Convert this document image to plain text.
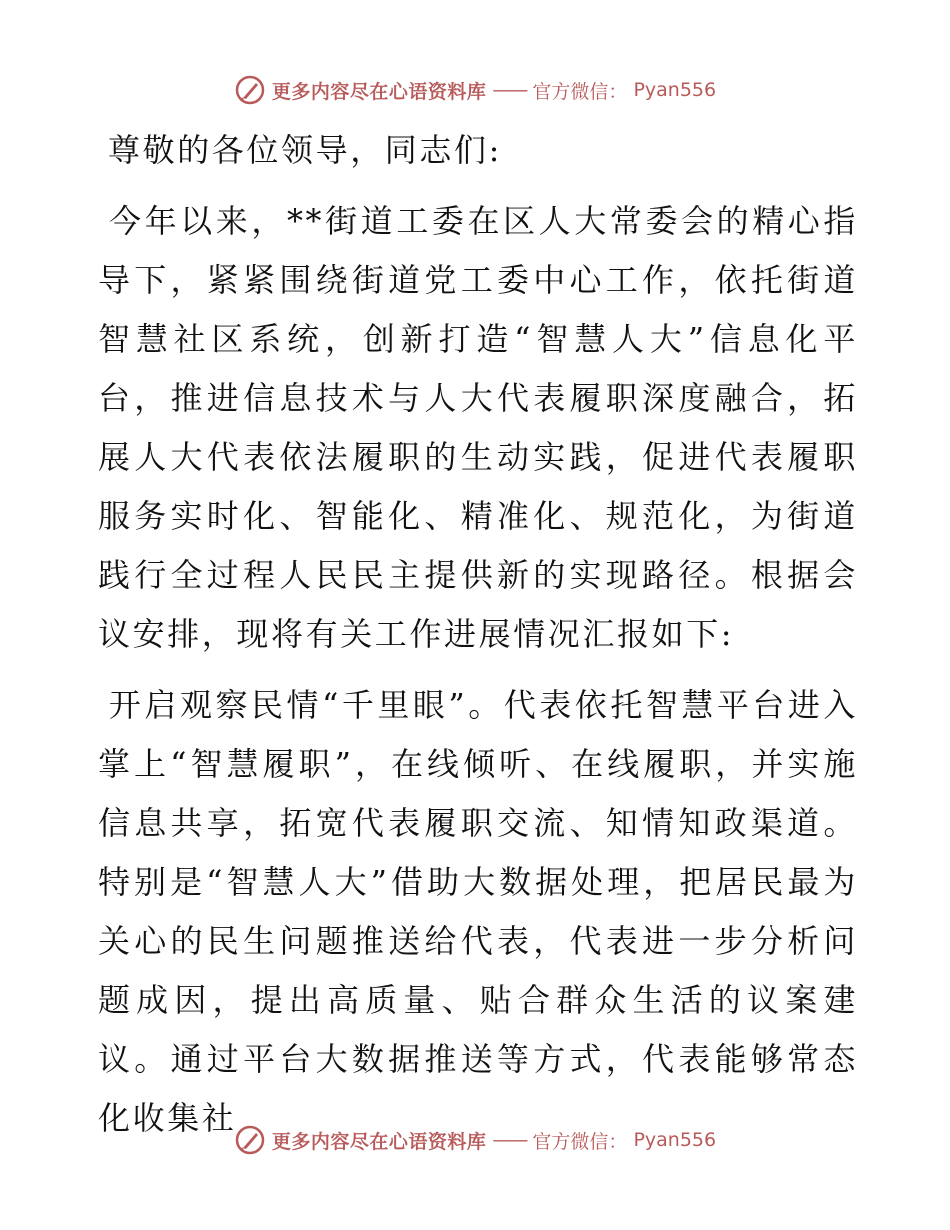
更多内容尽在心语资料库 —— 官方微信： Pyan556

尊敬的各位领导，同志们:

今年以来，**街道工委在区人大常委会的精心指导下，紧紧围绕街道党工委中心工作，依托街道智慧社区系统，创新打造“智慧人大”信息化平台，推进信息技术与人大代表履职深度融合，拓展人大代表依法履职的生动实践，促进代表履职服务实时化、智能化、精准化、规范化，为街道践行全过程人民民主提供新的实现路径。根据会议安排，现将有关工作进展情况汇报如下:

开启观察民情“千里眼”。代表依托智慧平台进入掌上“智慧履职”，在线倾听、在线履职，并实施信息共享，拓宽代表履职交流、知情知政渠道。特别是“智慧人大”借助大数据处理，把居民最为关心的民生问题推送给代表，代表进一步分析问题成因，提出高质量、贴合群众生活的议案建议。通过平台大数据推送等方式，代表能够常态化收集社

更多内容尽在心语资料库 —— 官方微信： Pyan556
